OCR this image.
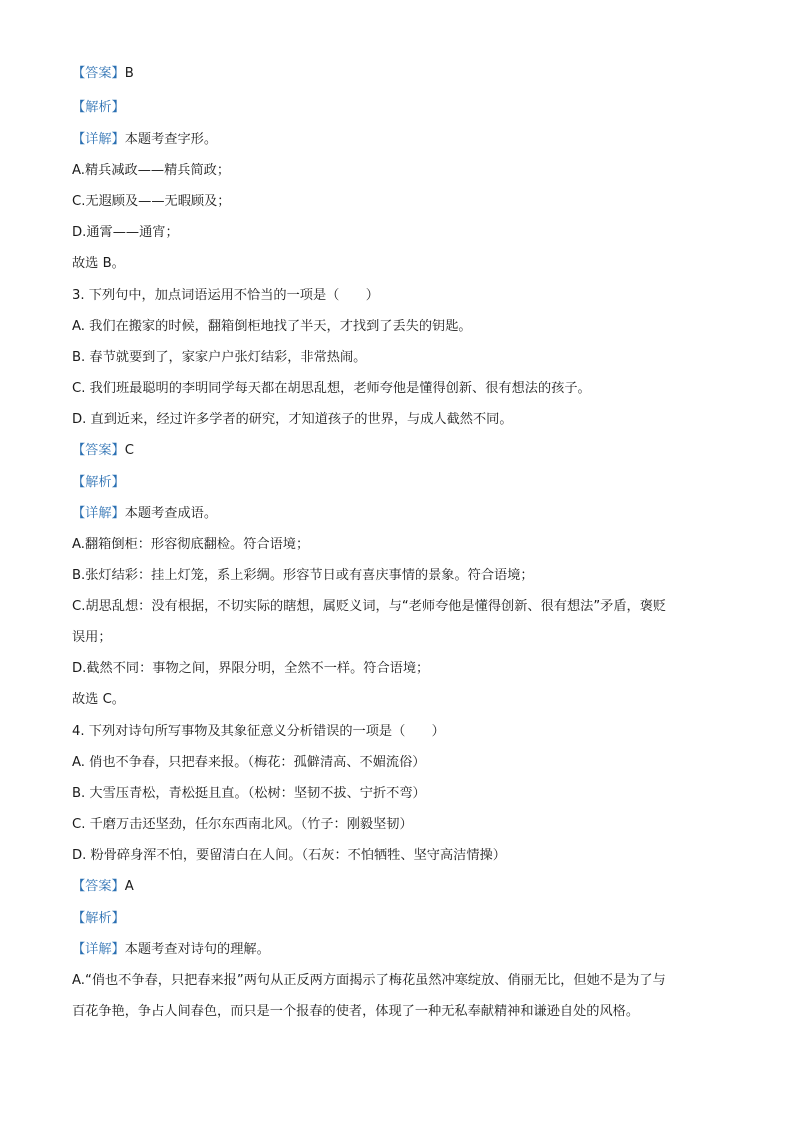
【答案】B
【解析】
【详解】本题考查字形。
A.精兵减政——精兵简政；
C.无遐顾及——无暇顾及；
D.通霄——通宵；
故选 B。
3. 下列句中，加点词语运用不恰当的一项是（　　）
A. 我们在搬家的时候，翻箱倒柜地找了半天，才找到了丢失的钥匙。
B. 春节就要到了，家家户户张灯结彩，非常热闹。
C. 我们班最聪明的李明同学每天都在胡思乱想，老师夸他是懂得创新、很有想法的孩子。
D. 直到近来，经过许多学者的研究，才知道孩子的世界，与成人截然不同。
【答案】C
【解析】
【详解】本题考查成语。
A.翻箱倒柜：形容彻底翻检。符合语境；
B.张灯结彩：挂上灯笼，系上彩绸。形容节日或有喜庆事情的景象。符合语境；
C.胡思乱想：没有根据，不切实际的瞎想，属贬义词，与“老师夸他是懂得创新、很有想法”矛盾，褒贬
误用；
D.截然不同：事物之间，界限分明，全然不一样。符合语境；
故选 C。
4. 下列对诗句所写事物及其象征意义分析错误的一项是（　　）
A. 俏也不争春，只把春来报。（梅花：孤僻清高、不媚流俗）
B. 大雪压青松，青松挺且直。（松树：坚韧不拔、宁折不弯）
C. 千磨万击还坚劲，任尔东西南北风。（竹子：刚毅坚韧）
D. 粉骨碎身浑不怕，要留清白在人间。（石灰：不怕牺牲、坚守高洁情操）
【答案】A
【解析】
【详解】本题考查对诗句的理解。
A.“俏也不争春，只把春来报”两句从正反两方面揭示了梅花虽然冲寒绽放、俏丽无比，但她不是为了与
百花争艳，争占人间春色，而只是一个报春的使者，体现了一种无私奉献精神和谦逊自处的风格。
